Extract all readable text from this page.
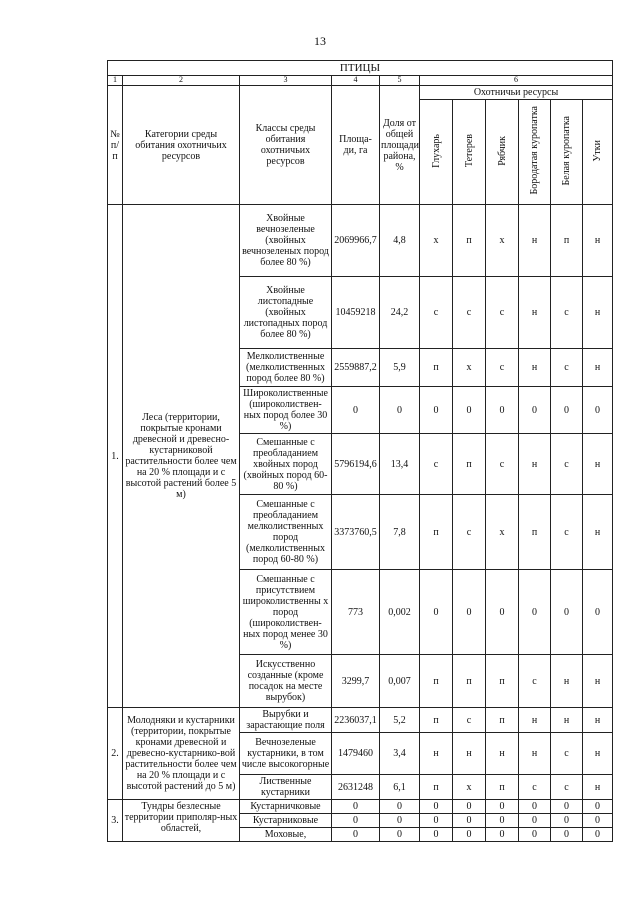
13
ПТИЦЫ										
1	2	3	4	5	6					
№ п/п	Категории среды обитания охотничьих ресурсов	Классы среды обитания охотничьих ресурсов	Площа-ди, га	Доля от общей площади района, %	Охотничьи ресурсы					
					Глухарь	Тетерев	Рябчик	Бородатая куропатка	Белая куропатка	Утки
1.	Леса (территории, покрытые кронами древесной и древесно-кустарниковой растительности более чем на 20 % площади и с высотой растений более 5 м)	Хвойные вечнозеленые (хвойных вечнозеленых пород более 80 %)	2069966,7	4,8	х	п	х	н	п	н
		Хвойные листопадные (хвойных листопадных пород более 80 %)	10459218	24,2	с	с	с	н	с	н
		Мелколиственные (мелколиственных пород более 80 %)	2559887,2	5,9	п	х	с	н	с	н
		Широколиственные (широколиствен-ных пород более 30 %)	0	0	0	0	0	0	0	0
		Смешанные с преобладанием хвойных пород (хвойных пород 60-80 %)	5796194,6	13,4	с	п	с	н	с	н
		Смешанные с преобладанием мелколиственных пород (мелколиственных пород 60-80 %)	3373760,5	7,8	п	с	х	п	с	н
		Смешанные с присутствием широколиственны х пород (широколиствен-ных пород менее 30 %)	773	0,002	0	0	0	0	0	0
		Искусственно созданные (кроме посадок на месте вырубок)	3299,7	0,007	п	п	п	с	н	н
2.	Молодняки и кустарники (территории, покрытые кронами древесной и древесно-кустарнико-вой растительности более чем на 20 % площади и с высотой растений до 5 м)	Вырубки и зарастающие поля	2236037,1	5,2	п	с	п	н	н	н
		Вечнозеленые кустарники, в том числе высокогорные	1479460	3,4	н	н	н	н	с	н
		Лиственные кустарники	2631248	6,1	п	х	п	с	с	н
3.	Тундры безлесные территории приполяр-ных областей,	Кустарничковые	0	0	0	0	0	0	0	0
		Кустарниковые	0	0	0	0	0	0	0	0
		Моховые,	0	0	0	0	0	0	0	0
